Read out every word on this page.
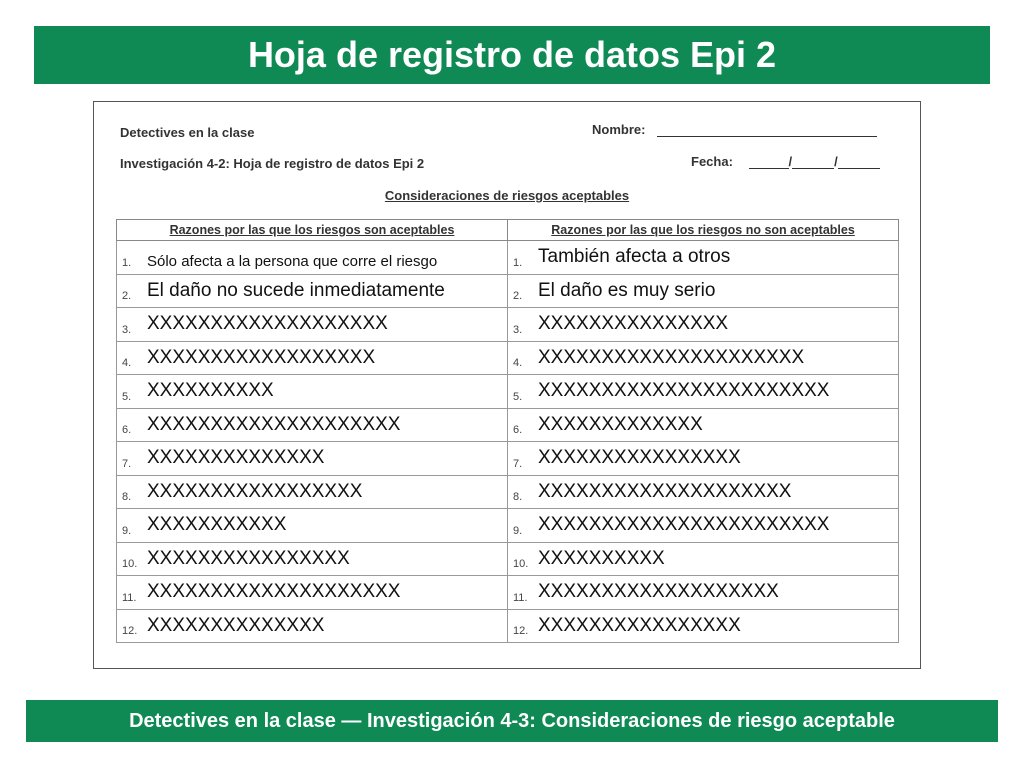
Hoja de registro de datos Epi 2
Detectives en la clase
Investigación 4-2: Hoja de registro de datos Epi 2
Nombre:
Fecha:	/	/
Consideraciones de riesgos aceptables
Razones por las que los riesgos son aceptables	Razones por las que los riesgos no son aceptables

1. Sólo afecta a la persona que corre el riesgo	1. También afecta a otros

2. El daño no sucede inmediatamente	2. El daño es muy serio

3. XXXXXXXXXXXXXXXXXXX	3. XXXXXXXXXXXXXXX

4. XXXXXXXXXXXXXXXXXX	4. XXXXXXXXXXXXXXXXXXXXX

5. XXXXXXXXXX	5. XXXXXXXXXXXXXXXXXXXXXXX

6. XXXXXXXXXXXXXXXXXXXX	6. XXXXXXXXXXXXX

7. XXXXXXXXXXXXXX	7. XXXXXXXXXXXXXXXX

8. XXXXXXXXXXXXXXXXX	8. XXXXXXXXXXXXXXXXXXXX

9. XXXXXXXXXXX	9. XXXXXXXXXXXXXXXXXXXXXXX

10. XXXXXXXXXXXXXXXX	10. XXXXXXXXXX

11. XXXXXXXXXXXXXXXXXXXX	11. XXXXXXXXXXXXXXXXXXX

12. XXXXXXXXXXXXXX	12. XXXXXXXXXXXXXXXX
Detectives en la clase — Investigación 4-3: Consideraciones de riesgo aceptable
